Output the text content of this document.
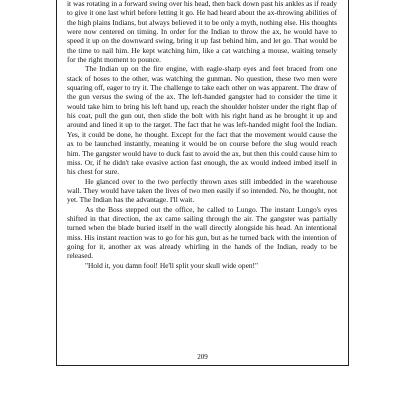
it was rotating in a forward swing over his head, then back down past his ankles as if ready to give it one last whirl before letting it go. He had heard about the ax-throwing abilities of the high plains Indians, but always believed it to be only a myth, nothing else. His thoughts were now centered on timing. In order for the Indian to throw the ax, he would have to speed it up on the downward swing, bring it up fast behind him, and let go. That would be the time to nail him. He kept watching him, like a cat watching a mouse, waiting tensely for the right moment to pounce.

The Indian up on the fire engine, with eagle-sharp eyes and feet braced from one stack of hoses to the other, was watching the gunman. No question, these two men were squaring off, eager to try it. The challenge to take each other on was apparent. The draw of the gun versus the swing of the ax. The left-handed gangster had to consider the time it would take him to bring his left hand up, reach the shoulder holster under the right flap of his coat, pull the gun out, then slide the bolt with his right hand as he brought it up and around and lined it up to the target. The fact that he was left-handed might fool the Indian. Yes, it could be done, he thought. Except for the fact that the movement would cause the ax to be launched instantly, meaning it would be on course before the slug would reach him. The gangster would have to duck fast to avoid the ax, but then this could cause him to miss. Or, if he didn't take evasive action fast enough, the ax would indeed imbed itself in his chest for sure.

He glanced over to the two perfectly thrown axes still imbedded in the warehouse wall. They would have taken the lives of two men easily if so intended. No, he thought, not yet. The Indian has the advantage. I'll wait.

As the Boss stepped out the office, he called to Lungo. The instant Lungo's eyes shifted in that direction, the ax came sailing through the air. The gangster was partially turned when the blade buried itself in the wall directly alongside his head. An intentional miss. His instant reaction was to go for his gun, but as he turned back with the intention of going for it, another ax was already whirling in the hands of the Indian, ready to be released.

"Hold it, you damn fool! He'll split your skull wide open!"

209
